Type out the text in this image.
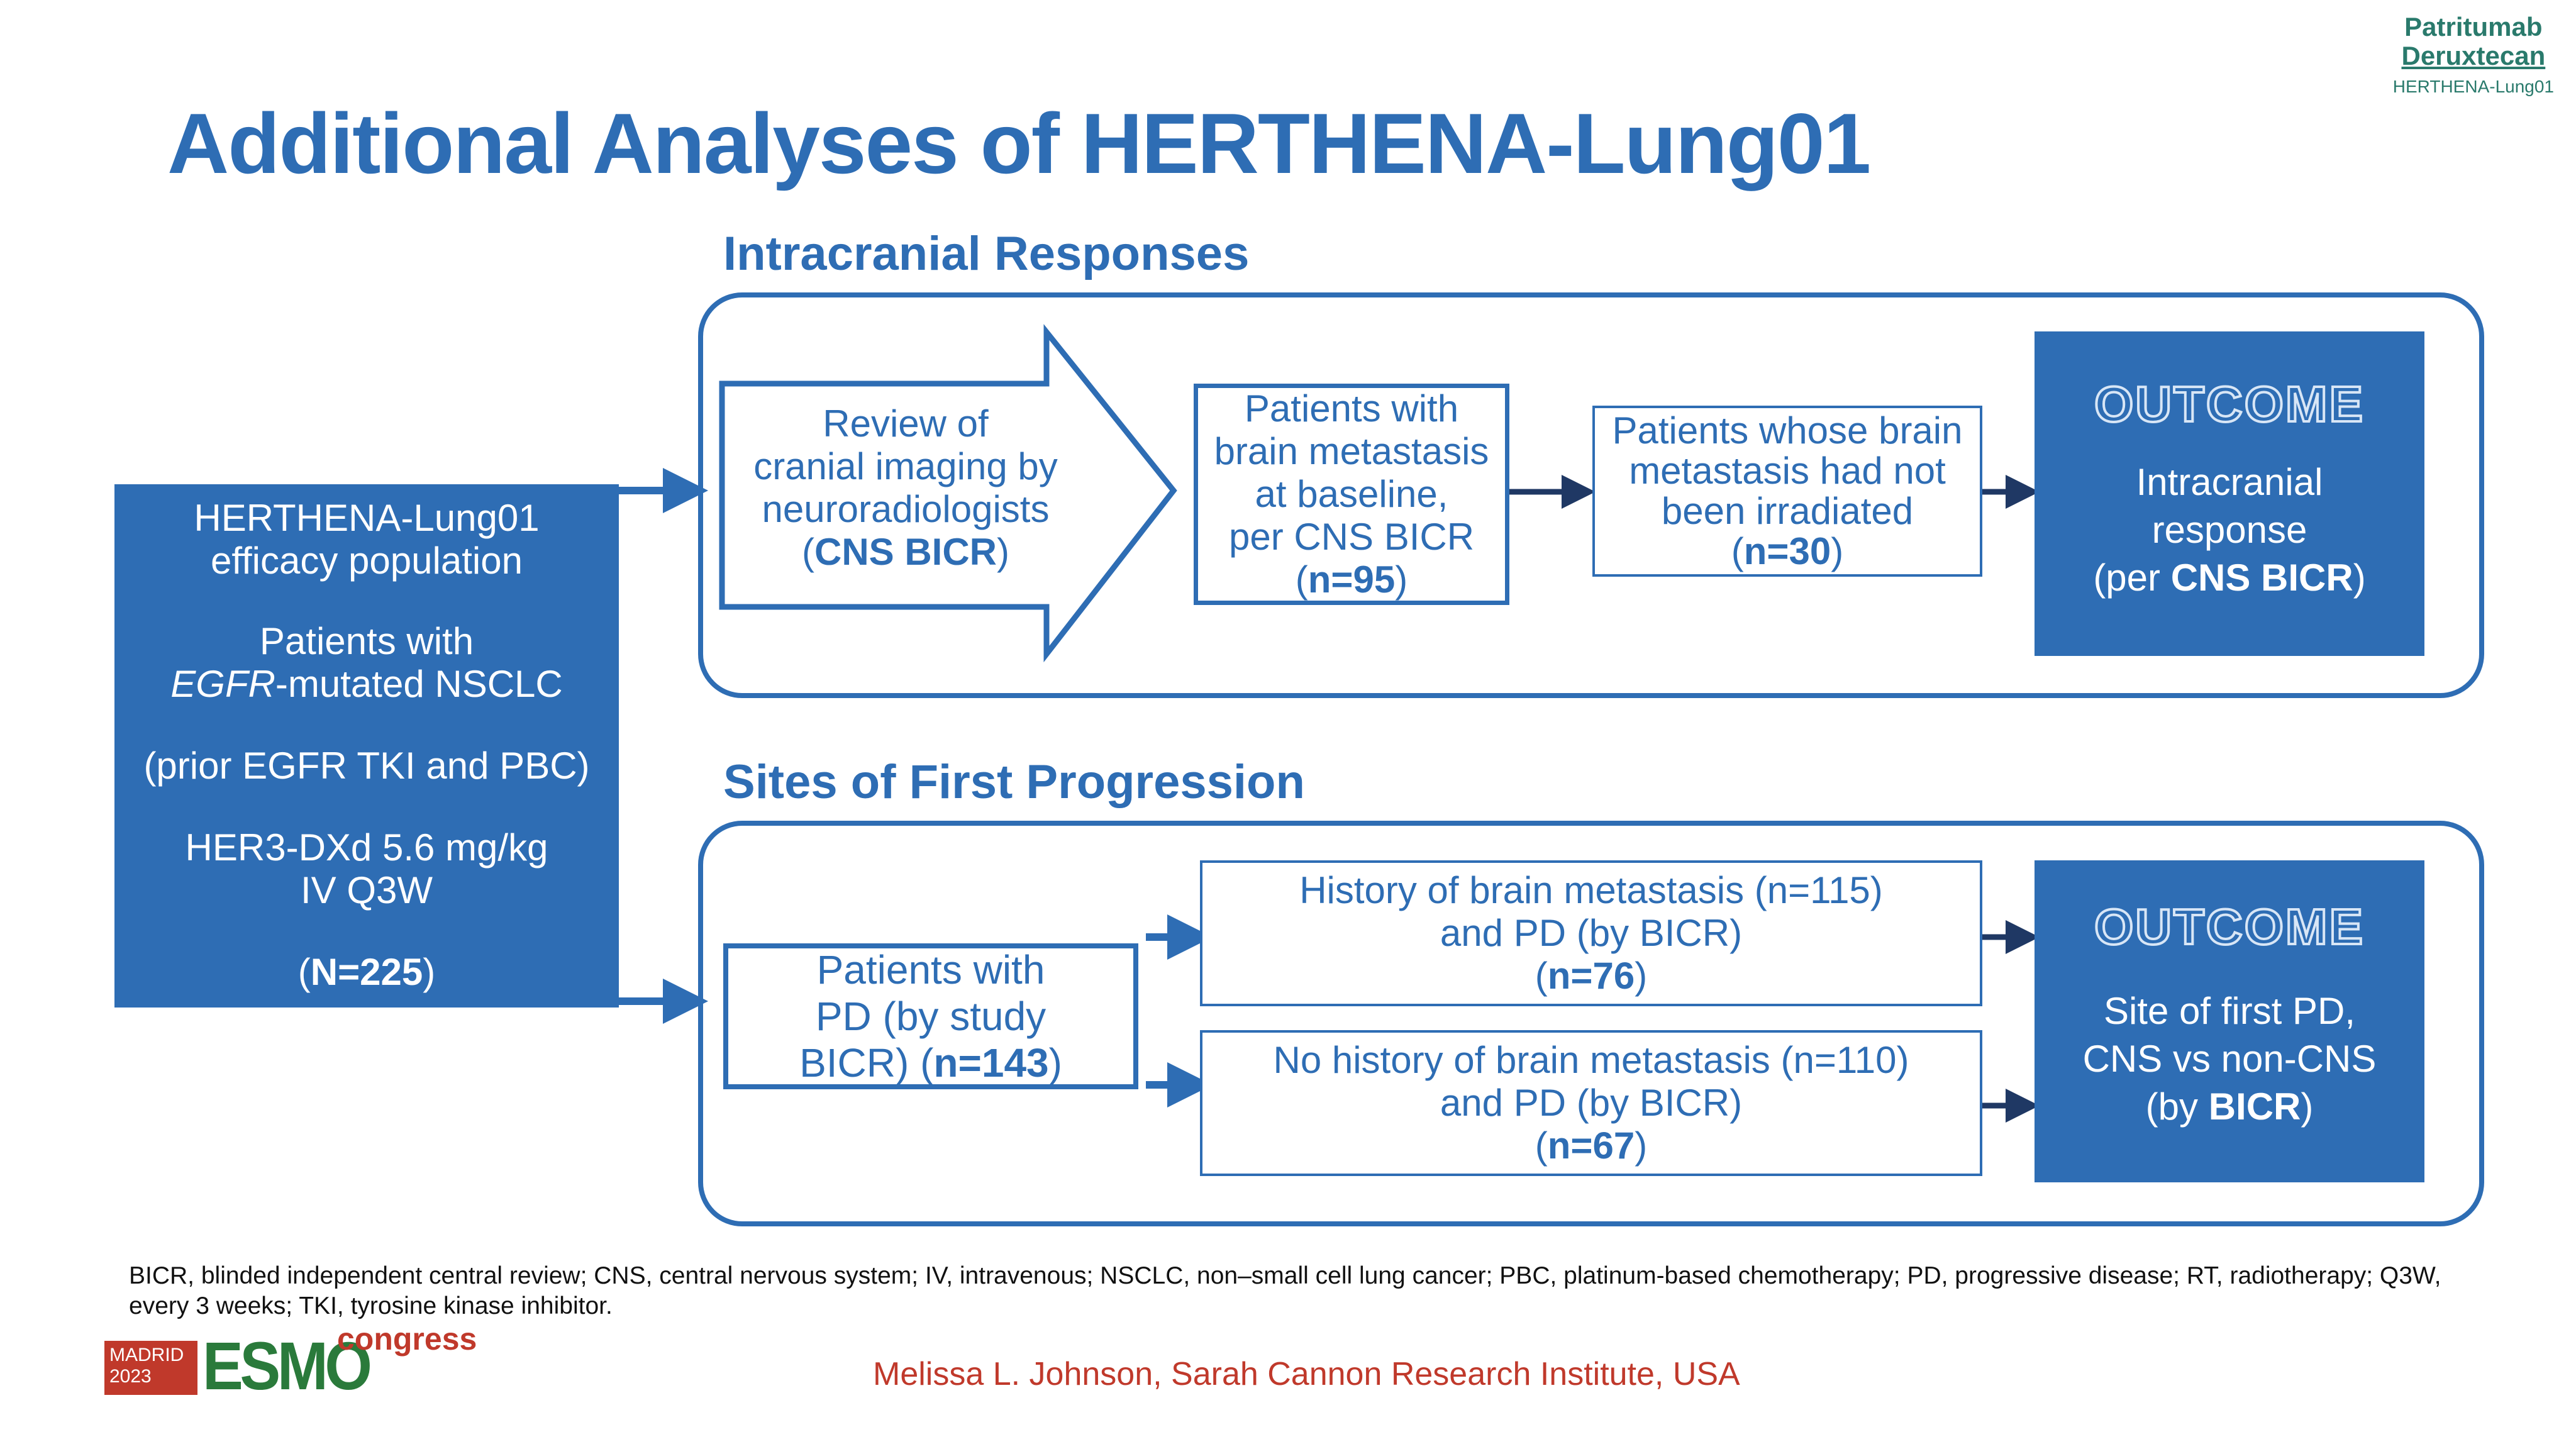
Patritumab
Deruxtecan
HERTHENA-Lung01
Additional Analyses of HERTHENA-Lung01
Intracranial Responses
Sites of First Progression

HERTHENA-Lung01

efficacy population

Patients with

EGFR-mutated NSCLC

(prior EGFR TKI and PBC)

HER3-DXd 5.6 mg/kg

IV Q3W

(N=225)

Review of

cranial imaging by

neuroradiologists

(CNS BICR)

Patients with

brain metastasis

at baseline,

per CNS BICR

(n=95)

Patients whose brain

metastasis had not

been irradiated

(n=30)

OUTCOME

Intracranial

response

(per CNS BICR)

Patients with

PD (by study

BICR) (n=143)

History of brain metastasis (n=115)

and PD (by BICR)

(n=76)

No history of brain metastasis (n=110)

and PD (by BICR)

(n=67)

OUTCOME

Site of first PD,

CNS vs non-CNS

(by BICR)

BICR, blinded independent central review; CNS, central nervous system; IV, intravenous; NSCLC, non–small cell lung cancer; PBC, platinum-based chemotherapy; PD, progressive disease; RT, radiotherapy; Q3W, every 3 weeks; TKI, tyrosine kinase inhibitor.
MADRID
2023 ESMO
congress
Melissa L. Johnson, Sarah Cannon Research Institute, USA
